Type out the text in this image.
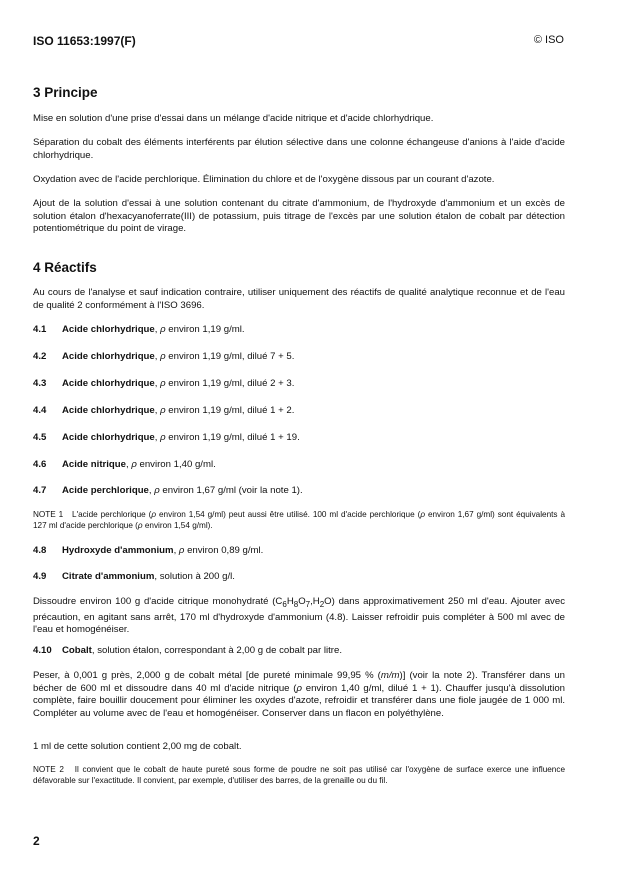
ISO 11653:1997(F)	© ISO
3 Principe
Mise en solution d'une prise d'essai dans un mélange d'acide nitrique et d'acide chlorhydrique.
Séparation du cobalt des éléments interférents par élution sélective dans une colonne échangeuse d'anions à l'aide d'acide chlorhydrique.
Oxydation avec de l'acide perchlorique. Élimination du chlore et de l'oxygène dissous par un courant d'azote.
Ajout de la solution d'essai à une solution contenant du citrate d'ammonium, de l'hydroxyde d'ammonium et un excès de solution étalon d'hexacyanoferrate(III) de potassium, puis titrage de l'excès par une solution étalon de cobalt par détection potentiométrique du point de virage.
4 Réactifs
Au cours de l'analyse et sauf indication contraire, utiliser uniquement des réactifs de qualité analytique reconnue et de l'eau de qualité 2 conformément à l'ISO 3696.
4.1 Acide chlorhydrique, ρ environ 1,19 g/ml.
4.2 Acide chlorhydrique, ρ environ 1,19 g/ml, dilué 7 + 5.
4.3 Acide chlorhydrique, ρ environ 1,19 g/ml, dilué 2 + 3.
4.4 Acide chlorhydrique, ρ environ 1,19 g/ml, dilué 1 + 2.
4.5 Acide chlorhydrique, ρ environ 1,19 g/ml, dilué 1 + 19.
4.6 Acide nitrique, ρ environ 1,40 g/ml.
4.7 Acide perchlorique, ρ environ 1,67 g/ml (voir la note 1).
NOTE 1 L'acide perchlorique (ρ environ 1,54 g/ml) peut aussi être utilisé. 100 ml d'acide perchlorique (ρ environ 1,67 g/ml) sont équivalents à 127 ml d'acide perchlorique (ρ environ 1,54 g/ml).
4.8 Hydroxyde d'ammonium, ρ environ 0,89 g/ml.
4.9 Citrate d'ammonium, solution à 200 g/l.
Dissoudre environ 100 g d'acide citrique monohydraté $(C_6H_8O_7,H_2O)$ dans approximativement 250 ml d'eau. Ajouter avec précaution, en agitant sans arrêt, 170 ml d'hydroxyde d'ammonium (4.8). Laisser refroidir puis compléter à 500 ml avec de l'eau et homogénéiser.
4.10 Cobalt, solution étalon, correspondant à 2,00 g de cobalt par litre.
Peser, à 0,001 g près, 2,000 g de cobalt métal [de pureté minimale 99,95 % (m/m)] (voir la note 2). Transférer dans un bécher de 600 ml et dissoudre dans 40 ml d'acide nitrique (ρ environ 1,40 g/ml, dilué 1 + 1). Chauffer jusqu'à dissolution complète, faire bouillir doucement pour éliminer les oxydes d'azote, refroidir et transférer dans une fiole jaugée de 1 000 ml. Compléter au volume avec de l'eau et homogénéiser. Conserver dans un flacon en polyéthylène.
1 ml de cette solution contient 2,00 mg de cobalt.
NOTE 2 Il convient que le cobalt de haute pureté sous forme de poudre ne soit pas utilisé car l'oxygène de surface exerce une influence défavorable sur l'exactitude. Il convient, par exemple, d'utiliser des barres, de la grenaille ou du fil.
2
